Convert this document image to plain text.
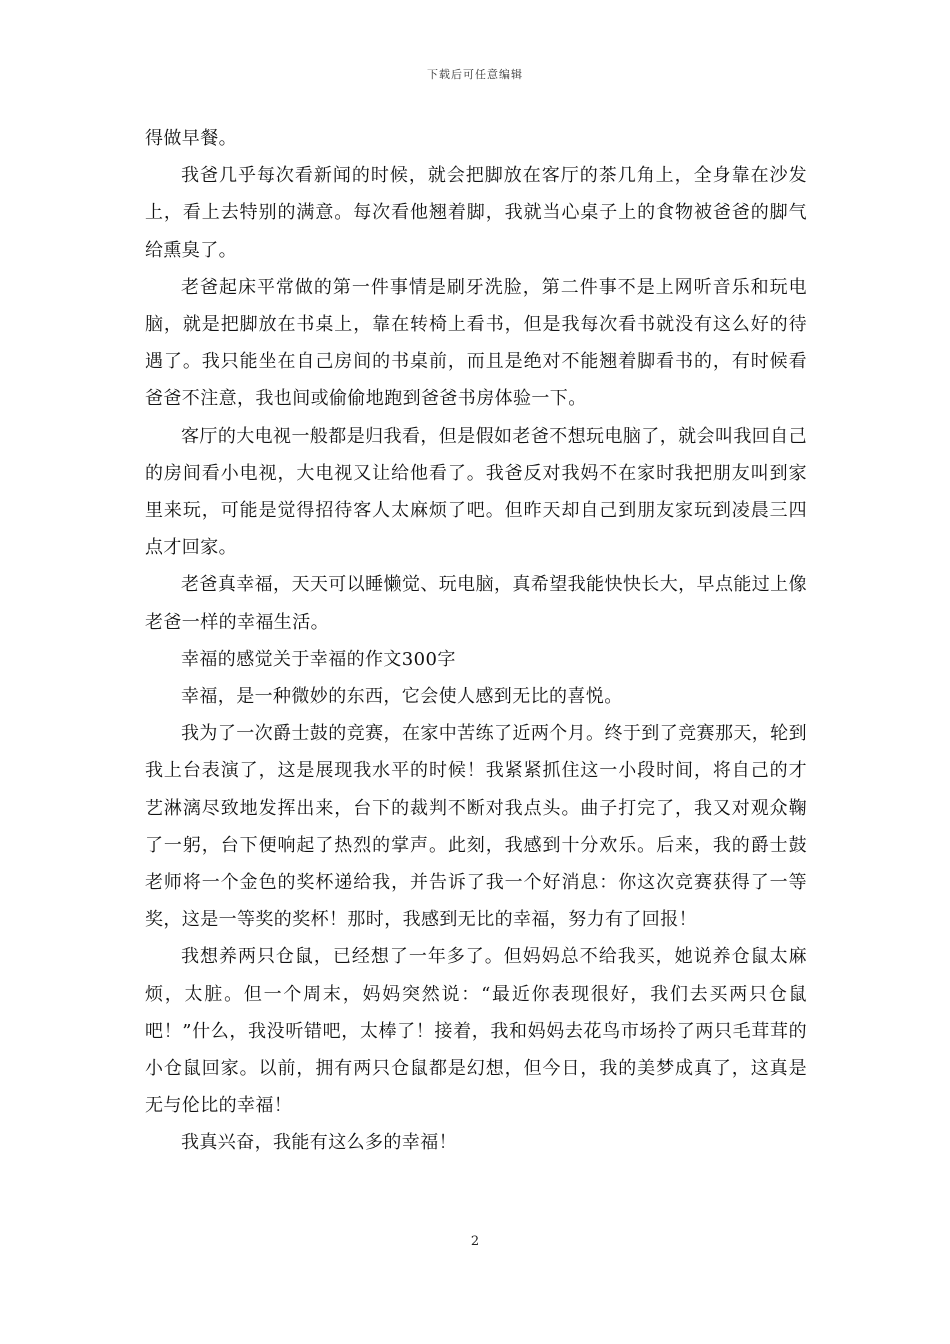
下载后可任意编辑

得做早餐。

我爸几乎每次看新闻的时候，就会把脚放在客厅的茶几角上，全身靠在沙发上，看上去特别的满意。每次看他翘着脚，我就当心桌子上的食物被爸爸的脚气给熏臭了。

老爸起床平常做的第一件事情是刷牙洗脸，第二件事不是上网听音乐和玩电脑，就是把脚放在书桌上，靠在转椅上看书，但是我每次看书就没有这么好的待遇了。我只能坐在自己房间的书桌前，而且是绝对不能翘着脚看书的，有时候看爸爸不注意，我也间或偷偷地跑到爸爸书房体验一下。

客厅的大电视一般都是归我看，但是假如老爸不想玩电脑了，就会叫我回自己的房间看小电视，大电视又让给他看了。我爸反对我妈不在家时我把朋友叫到家里来玩，可能是觉得招待客人太麻烦了吧。但昨天却自己到朋友家玩到凌晨三四点才回家。

老爸真幸福，天天可以睡懒觉、玩电脑，真希望我能快快长大，早点能过上像老爸一样的幸福生活。

幸福的感觉关于幸福的作文300字

幸福，是一种微妙的东西，它会使人感到无比的喜悦。

我为了一次爵士鼓的竞赛，在家中苦练了近两个月。终于到了竞赛那天，轮到我上台表演了，这是展现我水平的时候！我紧紧抓住这一小段时间，将自己的才艺淋漓尽致地发挥出来，台下的裁判不断对我点头。曲子打完了，我又对观众鞠了一躬，台下便响起了热烈的掌声。此刻，我感到十分欢乐。后来，我的爵士鼓老师将一个金色的奖杯递给我，并告诉了我一个好消息：你这次竞赛获得了一等奖，这是一等奖的奖杯！那时，我感到无比的幸福，努力有了回报！

我想养两只仓鼠，已经想了一年多了。但妈妈总不给我买，她说养仓鼠太麻烦，太脏。但一个周末，妈妈突然说：“最近你表现很好，我们去买两只仓鼠吧！”什么，我没听错吧，太棒了！接着，我和妈妈去花鸟市场拎了两只毛茸茸的小仓鼠回家。以前，拥有两只仓鼠都是幻想，但今日，我的美梦成真了，这真是无与伦比的幸福！

我真兴奋，我能有这么多的幸福！

2
